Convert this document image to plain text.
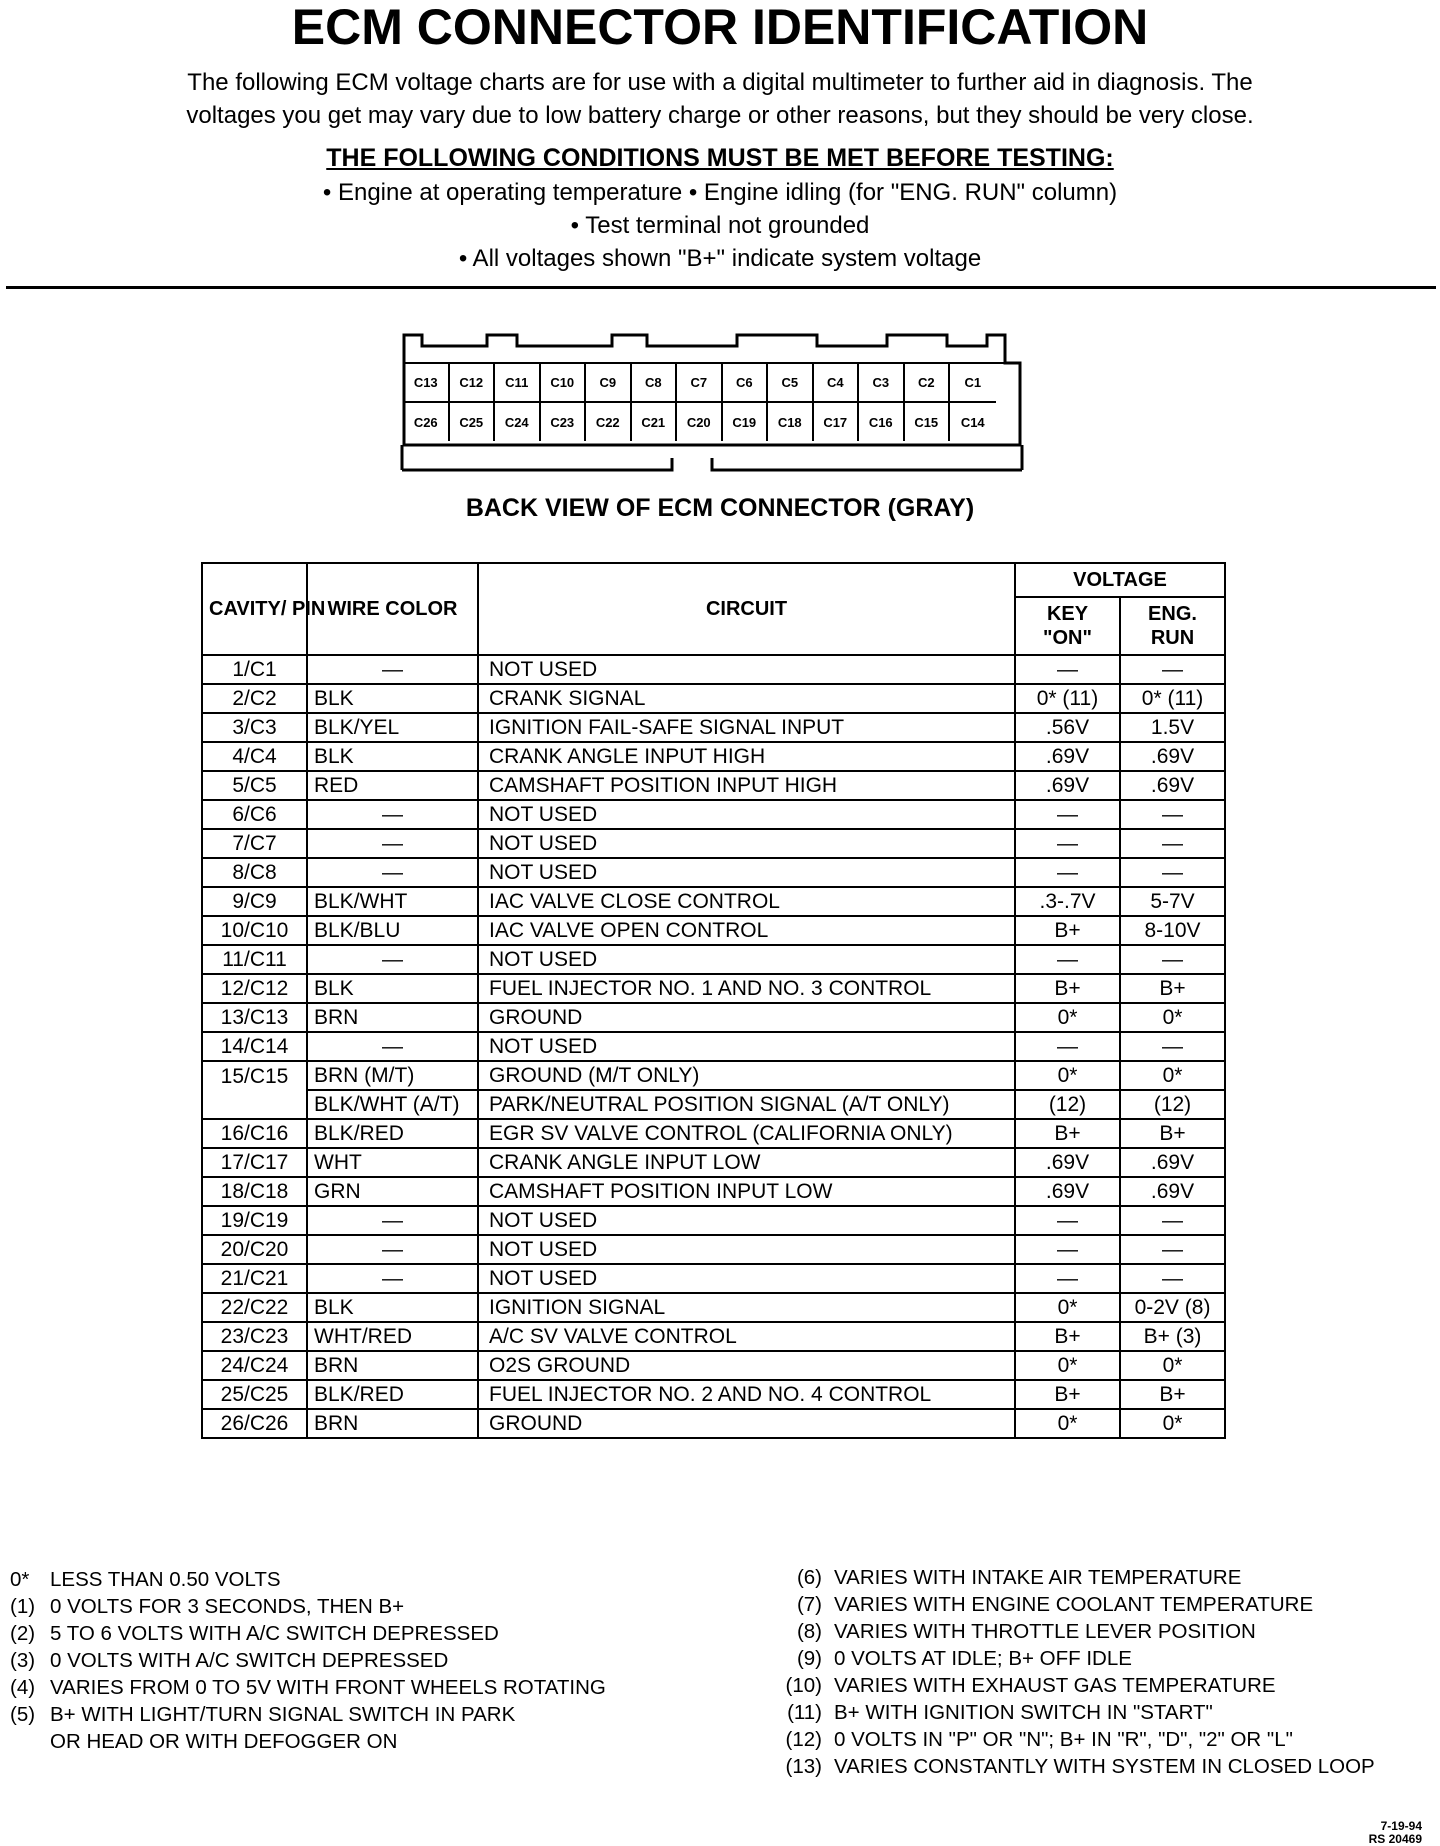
ECM CONNECTOR IDENTIFICATION
The following ECM voltage charts are for use with a digital multimeter to further aid in diagnosis. The
voltages you get may vary due to low battery charge or other reasons, but they should be very close.
THE FOLLOWING CONDITIONS MUST BE MET BEFORE TESTING:
• Engine at operating temperature • Engine idling (for "ENG. RUN" column)
• Test terminal not grounded
• All voltages shown "B+" indicate system voltage
C13	C12	C11	C10	C9	C8	C7	C6	C5	C4	C3	C2	C1
C26	C25	C24	C23	C22	C21	C20	C19	C18	C17	C16	C15	C14
BACK VIEW OF ECM CONNECTOR (GRAY)
CAVITY/ PIN	WIRE COLOR	CIRCUIT	VOLTAGE	
			KEY "ON"	ENG. RUN
1/C1	—	NOT USED	—	—
2/C2	BLK	CRANK SIGNAL	0* (11)	0* (11)
3/C3	BLK/YEL	IGNITION FAIL-SAFE SIGNAL INPUT	.56V	1.5V
4/C4	BLK	CRANK ANGLE INPUT HIGH	.69V	.69V
5/C5	RED	CAMSHAFT POSITION INPUT HIGH	.69V	.69V
6/C6	—	NOT USED	—	—
7/C7	—	NOT USED	—	—
8/C8	—	NOT USED	—	—
9/C9	BLK/WHT	IAC VALVE CLOSE CONTROL	.3-.7V	5-7V
10/C10	BLK/BLU	IAC VALVE OPEN CONTROL	B+	8-10V
11/C11	—	NOT USED	—	—
12/C12	BLK	FUEL INJECTOR NO. 1 AND NO. 3 CONTROL	B+	B+
13/C13	BRN	GROUND	0*	0*
14/C14	—	NOT USED	—	—
15/C15	BRN (M/T)	GROUND (M/T ONLY)	0*	0*
	BLK/WHT (A/T)	PARK/NEUTRAL POSITION SIGNAL (A/T ONLY)	(12)	(12)
16/C16	BLK/RED	EGR SV VALVE CONTROL (CALIFORNIA ONLY)	B+	B+
17/C17	WHT	CRANK ANGLE INPUT LOW	.69V	.69V
18/C18	GRN	CAMSHAFT POSITION INPUT LOW	.69V	.69V
19/C19	—	NOT USED	—	—
20/C20	—	NOT USED	—	—
21/C21	—	NOT USED	—	—
22/C22	BLK	IGNITION SIGNAL	0*	0-2V (8)
23/C23	WHT/RED	A/C SV VALVE CONTROL	B+	B+ (3)
24/C24	BRN	O2S GROUND	0*	0*
25/C25	BLK/RED	FUEL INJECTOR NO. 2 AND NO. 4 CONTROL	B+	B+
26/C26	BRN	GROUND	0*	0*
0*	LESS THAN 0.50 VOLTS
(1) 0 VOLTS FOR 3 SECONDS, THEN B+
(2) 5 TO 6 VOLTS WITH A/C SWITCH DEPRESSED
(3) 0 VOLTS WITH A/C SWITCH DEPRESSED
(4) VARIES FROM 0 TO 5V WITH FRONT WHEELS ROTATING
(5) B+ WITH LIGHT/TURN SIGNAL SWITCH IN PARK
OR HEAD OR WITH DEFOGGER ON
(6) VARIES WITH INTAKE AIR TEMPERATURE
(7) VARIES WITH ENGINE COOLANT TEMPERATURE
(8) VARIES WITH THROTTLE LEVER POSITION
(9) 0 VOLTS AT IDLE; B+ OFF IDLE
(10) VARIES WITH EXHAUST GAS TEMPERATURE
(11) B+ WITH IGNITION SWITCH IN "START"
(12) 0 VOLTS IN "P" OR "N"; B+ IN "R", "D", "2" OR "L"
(13) VARIES CONSTANTLY WITH SYSTEM IN CLOSED LOOP
7-19-94
RS 20469
